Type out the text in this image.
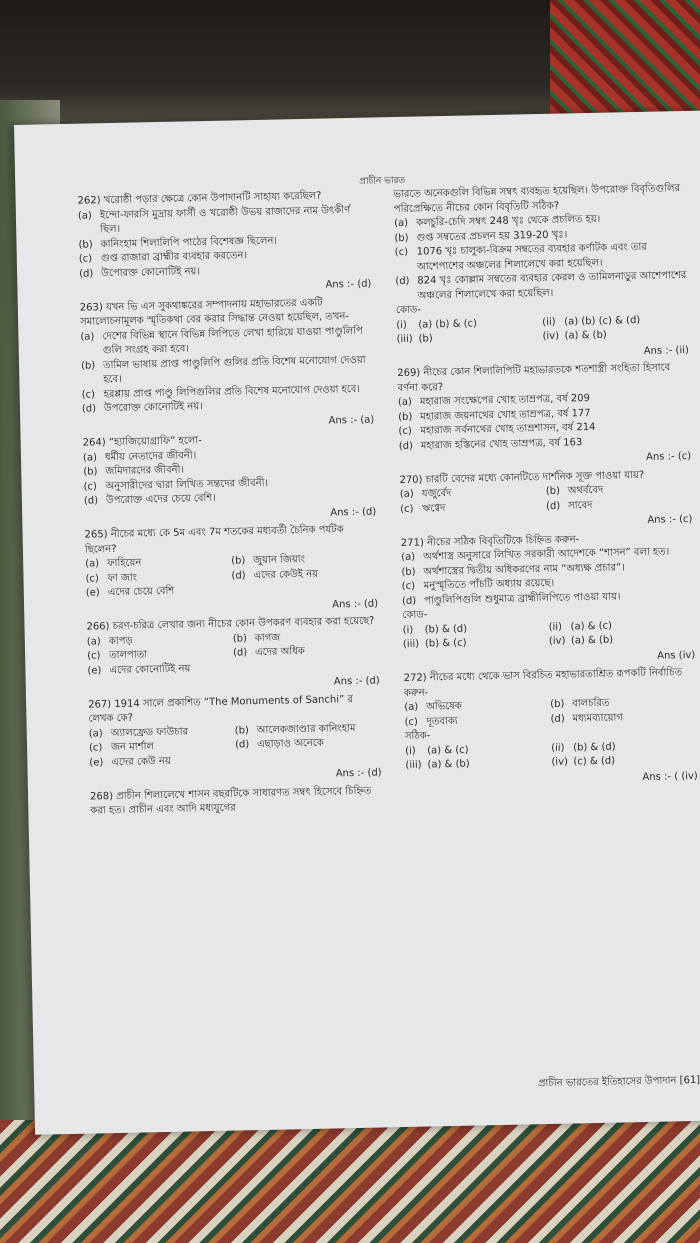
প্রাচীন ভারত
262) খরোষ্ঠী পড়ার ক্ষেত্রে কোন উপাদানটি সাহায্য করেছিল?
(a) ইন্দো-ফারসি মুদ্রায় ফার্সী ও খরোষ্ঠী উভয় রাজাদের নাম উৎকীর্ণ ছিল।
(b) কানিংহাম শিলালিপি পাঠের বিশেষজ্ঞ ছিলেন।
(c) গুপ্ত রাজারা ব্রাহ্মীর ব্যবহার করতেন।
(d) উপোরক্ত কোনোটিই নয়।
Ans :- (d)
263) যখন ভি এস সুকথাঙ্করের সম্পাদনায় মহাভারতের একটি সমালোচনামূলক স্মৃতিকথা বের করার সিদ্ধান্ত নেওয়া হয়েছিল, তখন-
(a) দেশের বিভিন্ন স্থানে বিভিন্ন লিপিতে লেখা হারিয়ে যাওয়া পাণ্ডুলিপি গুলি সংগ্রহ করা হবে।
(b) তামিল ভাষায় প্রাপ্ত পাণ্ডুলিপি গুলির প্রতি বিশেষ মনোযোগ দেওয়া হবে।
(c) হরপ্পায় প্রাপ্ত পাণ্ডু লিপিগুলির প্রতি বিশেষ মনোযোগ দেওয়া হবে।
(d) উপরোক্ত কোনোটিই নয়।
Ans :- (a)
264) “হ্যাজিয়োগ্রাফি” হলো-
(a) ধর্মীয় নেতাদের জীবনী।
(b) জমিদারদের জীবনী।
(c) অনুসারীদের দ্বারা লিখিত সন্তদের জীবনী।
(d) উপরোক্ত এদের চেয়ে বেশি।
Ans :- (d)
265) নীচের মধ্যে কে 5ম এবং 7ম শতকের মধ্যবর্তী চৈনিক পর্যটক ছিলেন?
(a) ফাহিয়েন	(b) জুয়ান জিয়াং
(c) ফা জাং	(d) এদের কেউই নয়
(e) এদের চেয়ে বেশি
Ans :- (d)
266) চরণ-চরিত্র লেখার জন্য নীচের কোন উপকরণ ব্যবহার করা হয়েছে?
(a) কাপড়	(b) কাগজ
(c) তালপাতা	(d) এদের অধিক
(e) এদের কোনোটিই নয়
Ans :- (d)
267) 1914 সালে প্রকাশিত “The Monuments of Sanchi” র লেখক কে?
(a) অ্যালফ্রেড ফাউচার	(b) আলেকজাণ্ডার কানিংহাম
(c) জন মার্শাল	(d) এছাড়াও অনেকে
(e) এদের কেউ নয়
Ans :- (d)
268) প্রাচীন শিলালেখে শাসন বছরটিকে সাধারণত সম্বৎ হিসেবে চিহ্নিত করা হত। প্রাচীন এবং আদি মধ্যযুগের
ভারতে অনেকগুলি বিভিন্ন সম্বৎ ব্যবহৃত হয়েছিল। উপরোক্ত বিবৃতিগুলির পরিপ্রেক্ষিতে নীচের কোন বিবৃতিটি সঠিক?
(a) কলচুরি-চেদি সম্বৎ 248 খৃঃ থেকে প্রচলিত হয়।
(b) গুপ্ত সম্বতের প্রচলন হয় 319-20 খৃঃ।
(c) 1076 খৃঃ চালুক্য-বিক্রম সম্বতের ব্যবহার কর্ণাটক এবং তার আশেপাশের অঞ্চলের শিলালেখে করা হয়েছিল।
(d) 824 খৃঃ কোল্লাম সম্বতের ব্যবহার কেরল ও তামিলনাড়ুর আশেপাশের অঞ্চলের শিলালেখে করা হয়েছিল।
কোড-
(i)	(a) (b) & (c)	(ii) (a) (b) (c) & (d)
(iii) (b)	(iv) (a) & (b)
Ans :- (ii)
269) নীচের কোন শিলালিপিটি মহাভারতকে শতশাস্ত্রী সংহিতা হিসাবে বর্ণনা করে?
(a) মহারাজ সংক্ষেপের খোহ তাম্রপত্র, বর্ষ 209
(b) মহারাজ জয়নাথের খোহ তাম্রপত্র, বর্ষ 177
(c) মহারাজ সর্বনাথের খোহ তাম্রশাসন, বর্ষ 214
(d) মহারাজ হস্তিনের খোহ তাম্রপত্র, বর্ষ 163
Ans :- (c)
270) চারটি বেদের মধ্যে কোনটিতে দার্শনিক সূক্ত পাওয়া যায়?
(a) যজুর্বেদ	(b) অথর্ববেদ
(c) ঋগ্বেদ	(d) সাবেদ
Ans :- (c)
271) নীচের সঠিক বিবৃতিটিকে চিহ্নিত করুন-
(a) অর্থশাস্ত্র অনুসারে লিখিত সরকারী আদেশকে “শাসন” বলা হত।
(b) অর্থশাস্ত্রের দ্বিতীয় অধিকরণের নাম “অধ্যক্ষ প্রচার”।
(c) মনুস্মৃতিতে পাঁচটি অধ্যায় রয়েছে।
(d) পাণ্ডুলিপিগুলি শুধুমাত্র ব্রাহ্মীলিপিতে পাওয়া যায়।
কোড-
(i)	(b) & (d)	(ii) (a) & (c)
(iii) (b) & (c)	(iv) (a) & (b)
Ans (iv)
272) নীচের মধ্যে থেকে ভাস বিরচিত মহাভারতাশ্রিত রূপকটি নির্বাচিত করুন-
(a) অভিষেক	(b) বালচরিত
(c) দূতবাক্য	(d) মধ্যমব্যায়োগ
সঠিক-
(i)	(a) & (c)	(ii) (b) & (d)
(iii) (a) & (b)	(iv) (c) & (d)
Ans :- ( (iv)
প্রাচীন ভারতের ইতিহাসের উপাদান [61]
